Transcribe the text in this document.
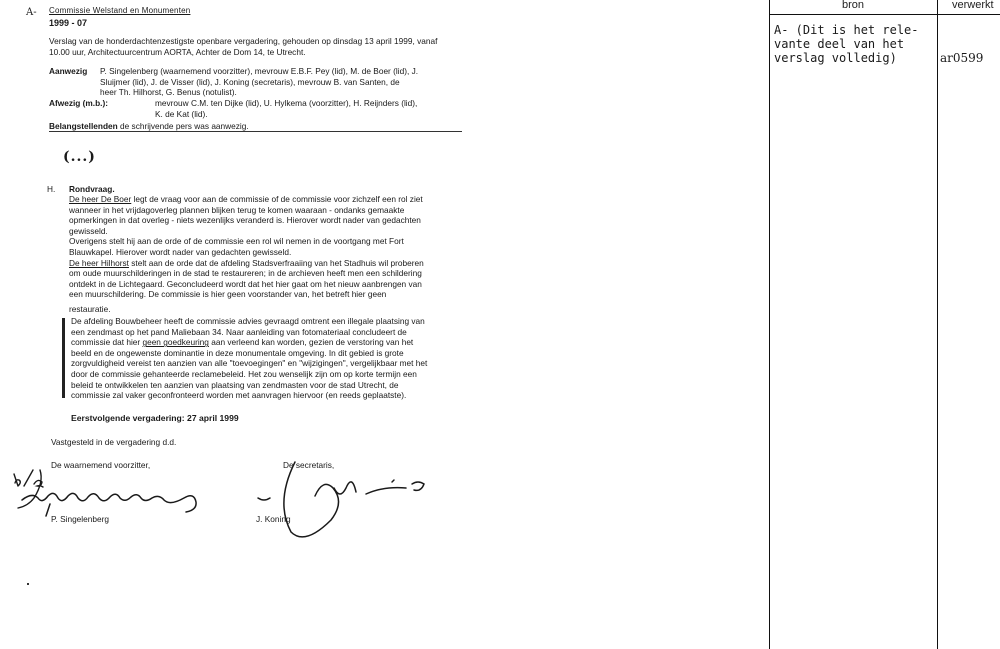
A- Commissie Welstand en Monumenten
1999 - 07
Verslag van de honderdachtenzestigste openbare vergadering, gehouden op dinsdag 13 april 1999, vanaf 10.00 uur, Architectuurcentrum AORTA, Achter de Dom 14, te Utrecht.
Aanwezig P. Singelenberg (waarnemend voorzitter), mevrouw E.B.F. Pey (lid), M. de Boer (lid), J.
Sluijmer (lid), J. de Visser (lid), J. Koning (secretaris), mevrouw B. van Santen, de
heer Th. Hilhorst, G. Benus (notulist).
Afwezig (m.b.):	mevrouw C.M. ten Dijke (lid), U. Hylkema (voorzitter), H. Reijnders (lid),
K. de Kat (lid).
Belangstellenden de schrijvende pers was aanwezig.
(...)
H. Rondvraag.
De heer De Boer legt de vraag voor aan de commissie of de commissie voor zichzelf een rol ziet
wanneer in het vrijdagoverleg plannen blijken terug te komen waaraan - ondanks gemaakte
opmerkingen in dat overleg - niets wezenlijks veranderd is. Hierover wordt nader van gedachten
gewisseld.
Overigens stelt hij aan de orde of de commissie een rol wil nemen in de voortgang met Fort
Blauwkapel. Hierover wordt nader van gedachten gewisseld.
De heer Hilhorst stelt aan de orde dat de afdeling Stadsverfraaiing van het Stadhuis wil proberen
om oude muurschilderingen in de stad te restaureren; in de archieven heeft men een schildering
ontdekt in de Lichtegaard. Geconcludeerd wordt dat het hier gaat om het nieuw aanbrengen van
een muurschildering. De commissie is hier geen voorstander van, het betreft hier geen
restauratie.
De afdeling Bouwbeheer heeft de commissie advies gevraagd omtrent een illegale plaatsing van
een zendmast op het pand Maliebaan 34. Naar aanleiding van fotomateriaal concludeert de
commissie dat hier geen goedkeuring aan verleend kan worden, gezien de verstoring van het
beeld en de ongewenste dominantie in deze monumentale omgeving. In dit gebied is grote
zorgvuldigheid vereist ten aanzien van alle "toevoegingen" en "wijzigingen", vergelijkbaar met het
door de commissie gehanteerde reclamebeleid. Het zou wenselijk zijn om op korte termijn een
beleid te ontwikkelen ten aanzien van plaatsing van zendmasten voor de stad Utrecht, de
commissie zal vaker geconfronteerd worden met aanvragen hiervoor (en reeds geplaatste).
Eerstvolgende vergadering: 27 april 1999
Vastgesteld in de vergadering d.d.
De waarnemend voorzitter,	De secretaris,
P. Singelenberg	J. Koning
bron	verwerkt
A- (Dit is het rele-
vante deel van het
verslag volledig)	ar0599
